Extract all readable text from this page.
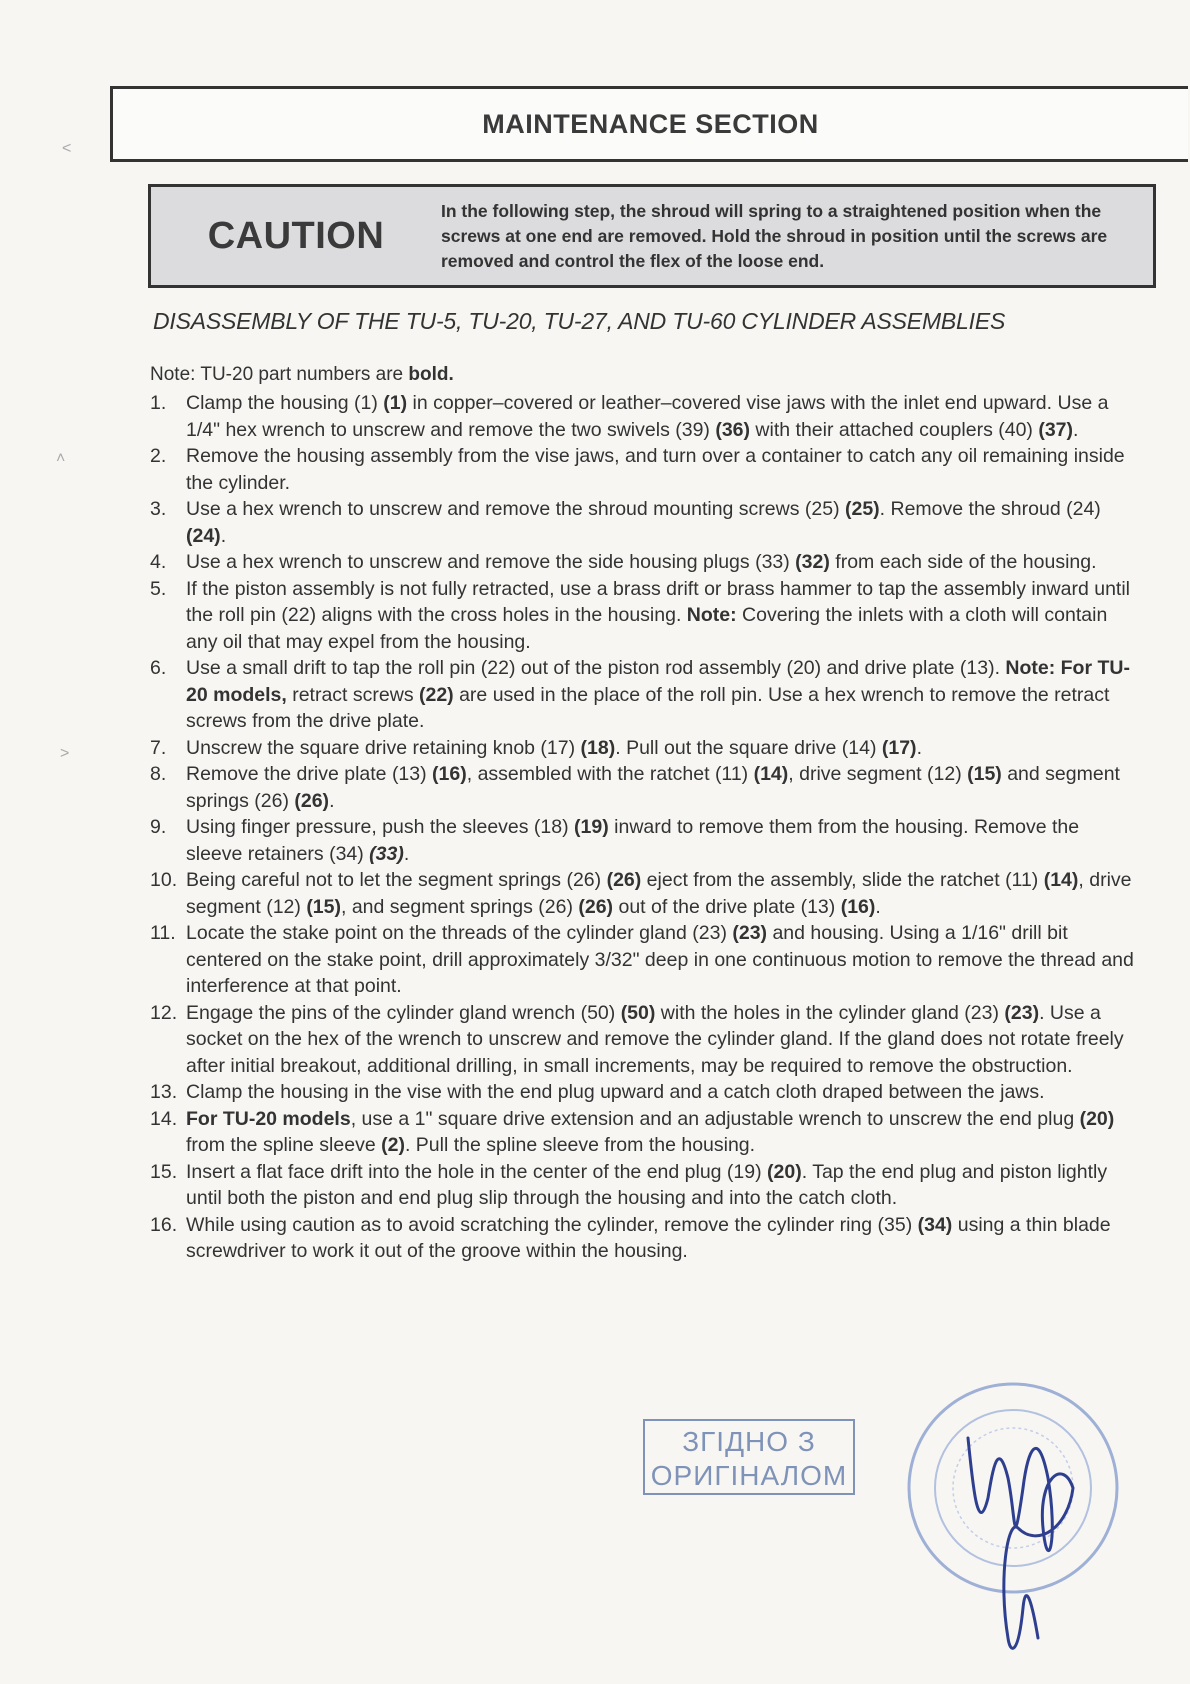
MAINTENANCE SECTION
CAUTION
In the following step, the shroud will spring to a straightened position when the screws at one end are removed. Hold the shroud in position until the screws are removed and control the flex of the loose end.
DISASSEMBLY OF THE TU-5, TU-20, TU-27, AND TU-60 CYLINDER ASSEMBLIES
Note: TU-20 part numbers are bold.
1.	Clamp the housing (1) (1) in copper–covered or leather–covered vise jaws with the inlet end upward. Use a 1/4" hex wrench to unscrew and remove the two swivels (39) (36) with their attached couplers (40) (37).
2.	Remove the housing assembly from the vise jaws, and turn over a container to catch any oil remaining inside the cylinder.
3.	Use a hex wrench to unscrew and remove the shroud mounting screws (25) (25). Remove the shroud (24) (24).
4.	Use a hex wrench to unscrew and remove the side housing plugs (33) (32) from each side of the housing.
5.	If the piston assembly is not fully retracted, use a brass drift or brass hammer to tap the assembly inward until the roll pin (22) aligns with the cross holes in the housing. Note: Covering the inlets with a cloth will contain any oil that may expel from the housing.
6.	Use a small drift to tap the roll pin (22) out of the piston rod assembly (20) and drive plate (13). Note: For TU-20 models, retract screws (22) are used in the place of the roll pin. Use a hex wrench to remove the retract screws from the drive plate.
7.	Unscrew the square drive retaining knob (17) (18). Pull out the square drive (14) (17).
8.	Remove the drive plate (13) (16), assembled with the ratchet (11) (14), drive segment (12) (15) and segment springs (26) (26).
9.	Using finger pressure, push the sleeves (18) (19) inward to remove them from the housing. Remove the sleeve retainers (34) (33).
10. Being careful not to let the segment springs (26) (26) eject from the assembly, slide the ratchet (11) (14), drive segment (12) (15), and segment springs (26) (26) out of the drive plate (13) (16).
11. Locate the stake point on the threads of the cylinder gland (23) (23) and housing. Using a 1/16" drill bit centered on the stake point, drill approximately 3/32" deep in one continuous motion to remove the thread and interference at that point.
12. Engage the pins of the cylinder gland wrench (50) (50) with the holes in the cylinder gland (23) (23). Use a socket on the hex of the wrench to unscrew and remove the cylinder gland. If the gland does not rotate freely after initial breakout, additional drilling, in small increments, may be required to remove the obstruction.
13. Clamp the housing in the vise with the end plug upward and a catch cloth draped between the jaws.
14. For TU-20 models, use a 1" square drive extension and an adjustable wrench to unscrew the end plug (20) from the spline sleeve (2). Pull the spline sleeve from the housing.
15. Insert a flat face drift into the hole in the center of the end plug (19) (20). Tap the end plug and piston lightly until both the piston and end plug slip through the housing and into the catch cloth.
16. While using caution as to avoid scratching the cylinder, remove the cylinder ring (35) (34) using a thin blade screwdriver to work it out of the groove within the housing.
ЗГІДНО З
ОРИГІНАЛОМ
˂
˄
˃
